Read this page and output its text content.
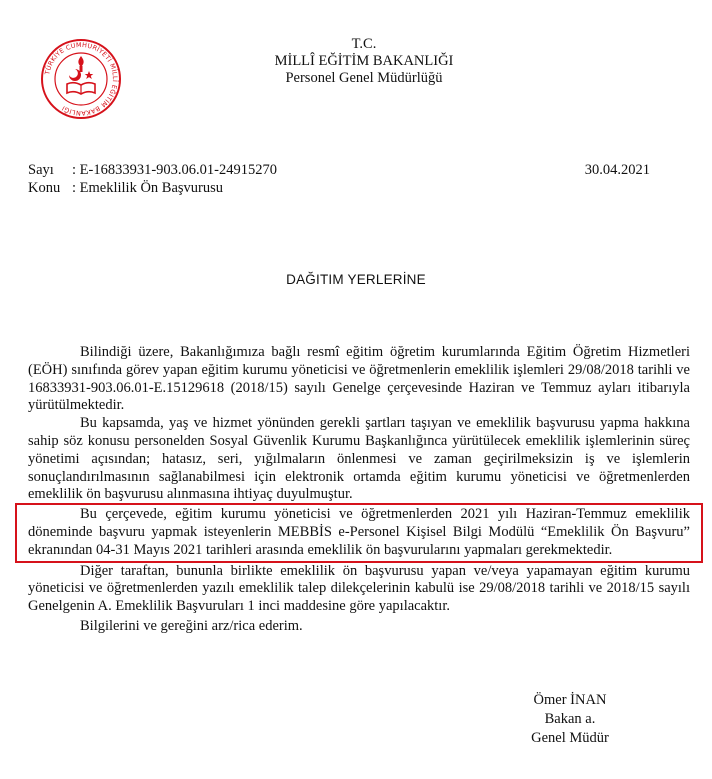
TÜRKİYE CUMHURİYETİ MİLLÎ EĞİTİM BAKANLIĞI
T.C.
MİLLÎ EĞİTİM BAKANLIĞI
Personel Genel Müdürlüğü
Sayı : E-16833931-903.06.01-24915270	30.04.2021
Konu : Emeklilik Ön Başvurusu
DAĞITIM YERLERİNE

Bilindiği üzere, Bakanlığımıza bağlı resmî eğitim öğretim kurumlarında Eğitim Öğretim Hizmetleri (EÖH) sınıfında görev yapan eğitim kurumu yöneticisi ve öğretmenlerin emeklilik işlemleri 29/08/2018 tarihli ve 16833931-903.06.01-E.15129618 (2018/15) sayılı Genelge çerçevesinde Haziran ve Temmuz ayları itibarıyla yürütülmektedir.

Bu kapsamda, yaş ve hizmet yönünden gerekli şartları taşıyan ve emeklilik başvurusu yapma hakkına sahip söz konusu personelden Sosyal Güvenlik Kurumu Başkanlığınca yürütülecek emeklilik işlemlerinin süreç yönetimi açısından; hatasız, seri, yığılmaların önlenmesi ve zaman geçirilmeksizin iş ve işlemlerin sonuçlandırılmasının sağlanabilmesi için elektronik ortamda eğitim kurumu yöneticisi ve öğretmenlerden emeklilik ön başvurusu alınmasına ihtiyaç duyulmuştur.

Bu çerçevede, eğitim kurumu yöneticisi ve öğretmenlerden 2021 yılı Haziran-Temmuz emeklilik döneminde başvuru yapmak isteyenlerin MEBBİS e-Personel Kişisel Bilgi Modülü “Emeklilik Ön Başvuru” ekranından 04-31 Mayıs 2021 tarihleri arasında emeklilik ön başvurularını yapmaları gerekmektedir.

Diğer taraftan, bununla birlikte emeklilik ön başvurusu yapan ve/veya yapamayan eğitim kurumu yöneticisi ve öğretmenlerden yazılı emeklilik talep dilekçelerinin kabulü ise 29/08/2018 tarihli ve 2018/15 sayılı Genelgenin A. Emeklilik Başvuruları 1 inci maddesine göre yapılacaktır.

Bilgilerini ve gereğini arz/rica ederim.

Ömer İNAN
Bakan a.
Genel Müdür
